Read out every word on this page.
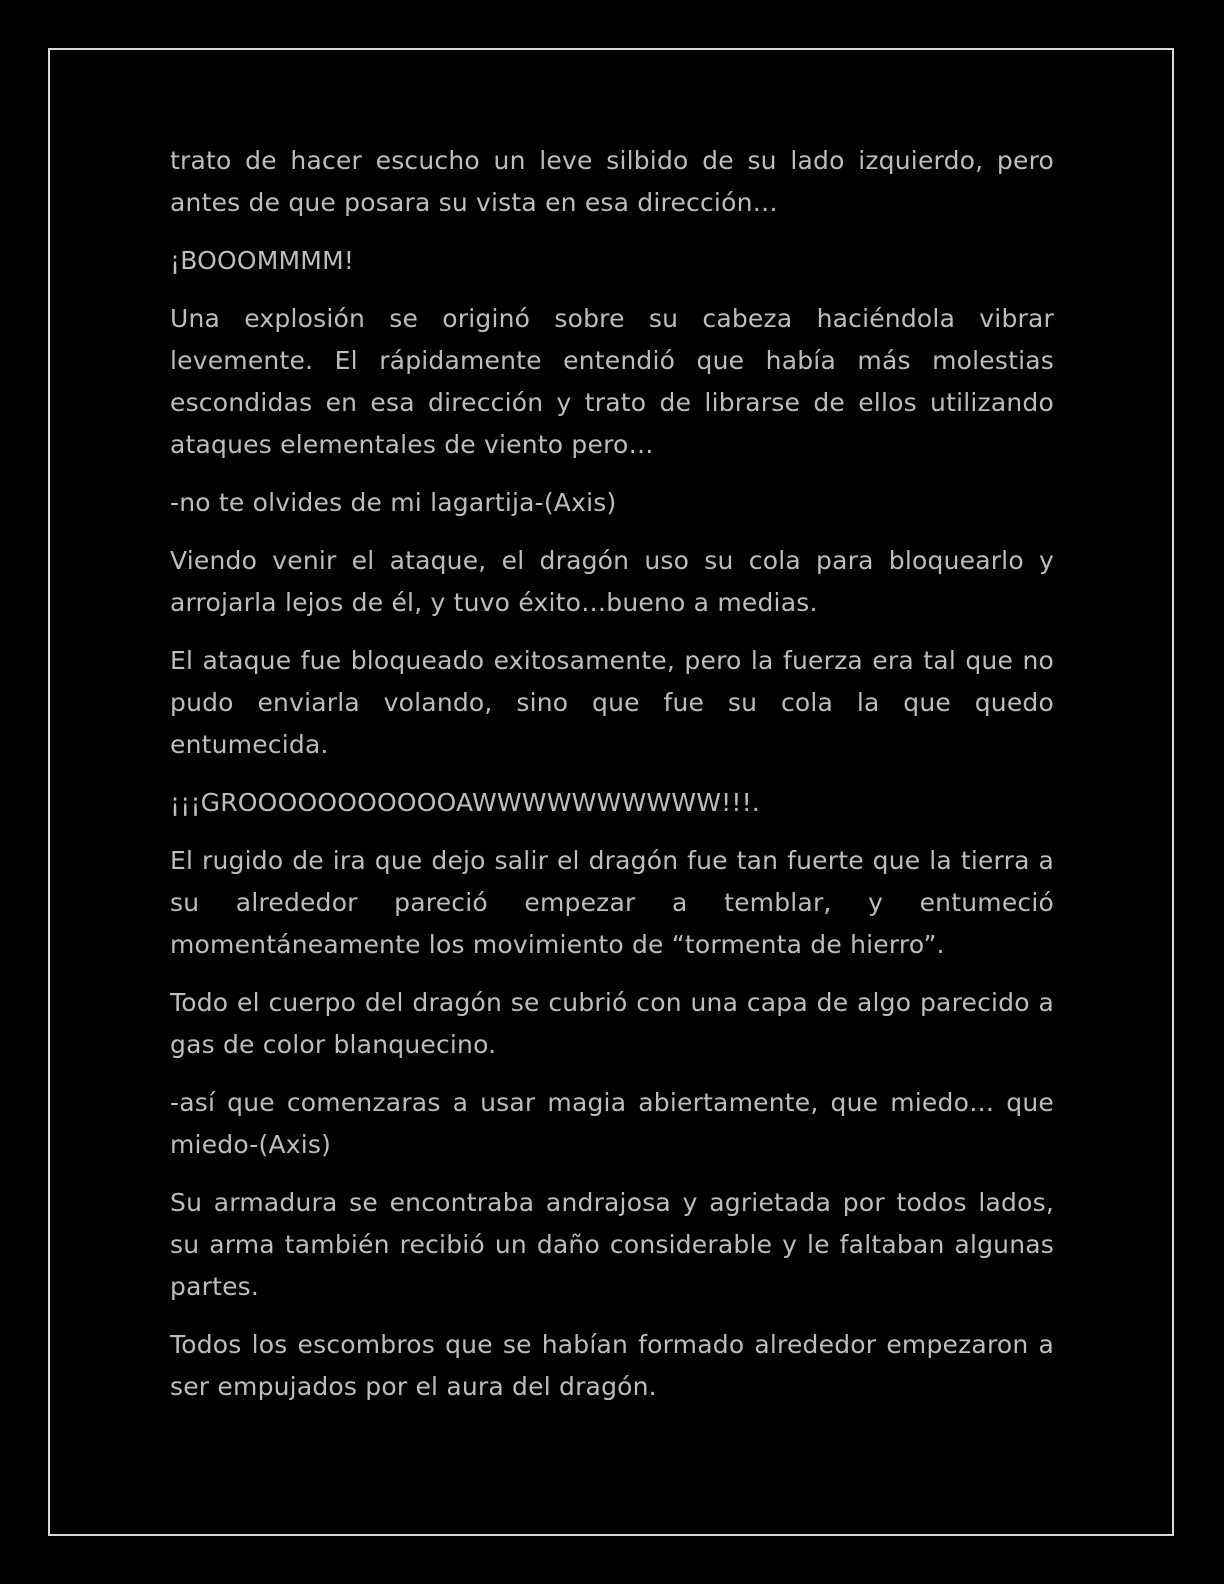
trato de hacer escucho un leve silbido de su lado izquierdo, pero antes de que posara su vista en esa dirección…

¡BOOOMMMM!

Una explosión se originó sobre su cabeza haciéndola vibrar levemente. El rápidamente entendió que había más molestias escondidas en esa dirección y trato de librarse de ellos utilizando ataques elementales de viento pero…

-no te olvides de mi lagartija-(Axis)

Viendo venir el ataque, el dragón uso su cola para bloquearlo y arrojarla lejos de él, y tuvo éxito…bueno a medias.

El ataque fue bloqueado exitosamente, pero la fuerza era tal que no pudo enviarla volando, sino que fue su cola la que quedo entumecida.

¡¡¡GROOOOOOOOOOOAWWWWWWWWWW!!!.

El rugido de ira que dejo salir el dragón fue tan fuerte que la tierra a su alrededor pareció empezar a temblar, y entumeció momentáneamente los movimiento de “tormenta de hierro”.

Todo el cuerpo del dragón se cubrió con una capa de algo parecido a gas de color blanquecino.

-así que comenzaras a usar magia abiertamente, que miedo… que miedo-(Axis)

Su armadura se encontraba andrajosa y agrietada por todos lados, su arma también recibió un daño considerable y le faltaban algunas partes.

Todos los escombros que se habían formado alrededor empezaron a ser empujados por el aura del dragón.
